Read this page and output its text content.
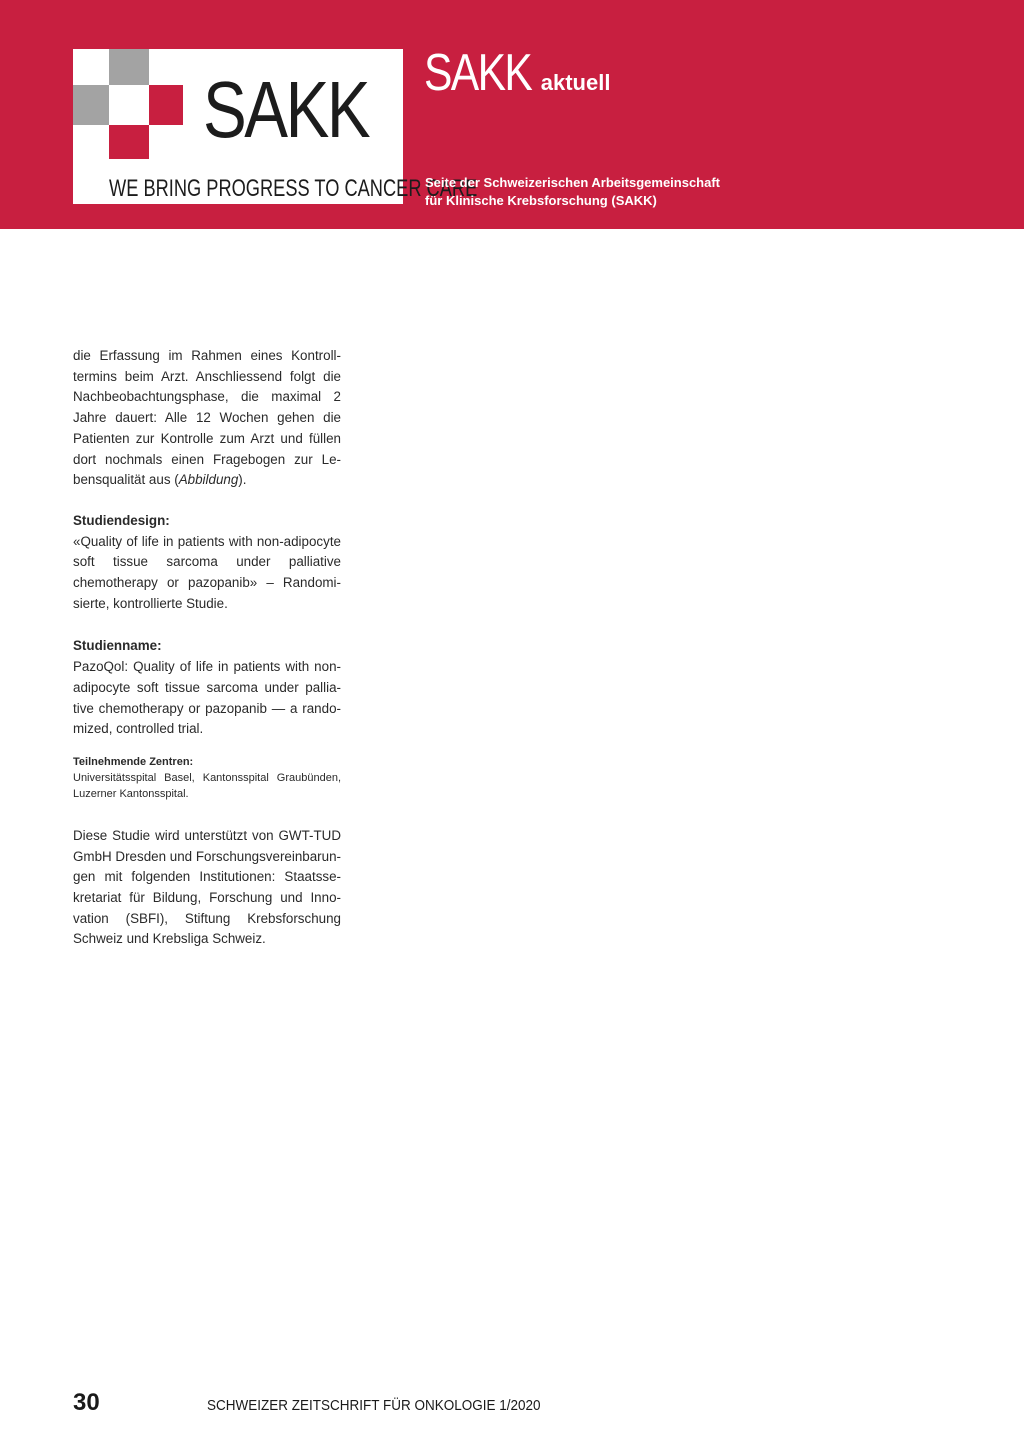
SAKK
WE BRING PROGRESS TO CANCER CARE
SAKK aktuell
Seite der Schweizerischen Arbeitsgemeinschaft
für Klinische Krebsforschung (SAKK)

die Erfassung im Rahmen eines Kontrolltermins beim Arzt. Anschliessend folgt die Nachbeobachtungsphase, die maximal 2 Jahre dauert: Alle 12 Wochen gehen die Patienten zur Kontrolle zum Arzt und füllen dort nochmals einen Fragebogen zur Lebensqualität aus (Abbildung).

Studiendesign:

«Quality of life in patients with non-adipocyte soft tissue sarcoma under palliative chemotherapy or pazopanib» – Randomisierte, kontrollierte Studie.

Studienname:

PazoQol: Quality of life in patients with non-adipocyte soft tissue sarcoma under palliative chemotherapy or pazopanib — a randomized, controlled trial.

Teilnehmende Zentren:

Universitätsspital Basel, Kantonsspital Graubünden, Luzerner Kantonsspital.

Diese Studie wird unterstützt von GWT-TUD GmbH Dresden und Forschungsvereinbarungen mit folgenden Institutionen: Staatssekretariat für Bildung, Forschung und Innovation (SBFI), Stiftung Krebsforschung Schweiz und Krebsliga Schweiz.

30	SCHWEIZER ZEITSCHRIFT FÜR ONKOLOGIE 1/2020
